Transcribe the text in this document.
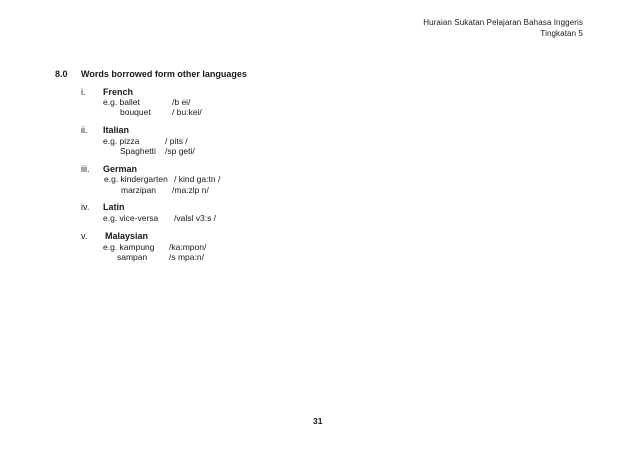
Huraian Sukatan Pelajaran Bahasa Inggeris
Tingkatan 5
8.0 Words borrowed form other languages
i. French
e.g. ballet	/b ei/
bouquet	/ bu:kei/
ii. Italian
e.g. pizza	/ pits /
Spaghetti /sp geti/
iii. German
e.g. kindergarten / kind ga:tn /
marzipan /ma:zlp n/
iv. Latin
e.g. vice-versa /valsl v3:s /
v. Malaysian
e.g. kampung /ka:mpon/
sampan	/s mpa:n/
31
